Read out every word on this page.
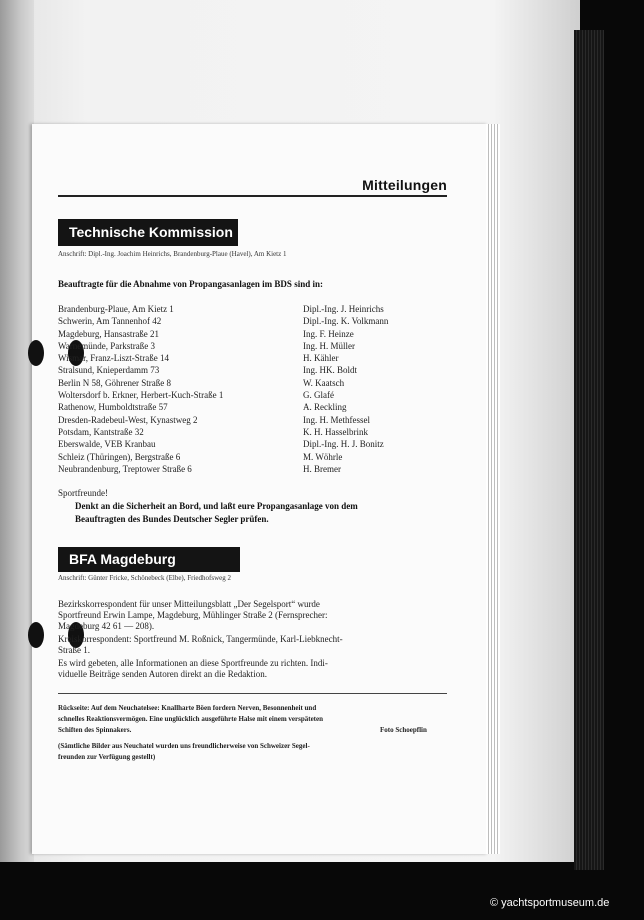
Mitteilungen
Technische Kommission
Anschrift: Dipl.-Ing. Joachim Heinrichs, Brandenburg-Plaue (Havel), Am Kietz 1
Beauftragte für die Abnahme von Propangasanlagen im BDS sind in:
Brandenburg-Plaue, Am Kietz 1
Schwerin, Am Tannenhof 42
Magdeburg, Hansastraße 21
Warnemünde, Parkstraße 3
Wismar, Franz-Liszt-Straße 14
Stralsund, Knieperdamm 73
Berlin N 58, Göhrener Straße 8
Woltersdorf b. Erkner, Herbert-Kuch-Straße 1
Rathenow, Humboldtstraße 57
Dresden-Radebeul-West, Kynastweg 2
Potsdam, Kantstraße 32
Eberswalde, VEB Kranbau
Schleiz (Thüringen), Bergstraße 6
Neubrandenburg, Treptower Straße 6
Dipl.-Ing. J. Heinrichs
Dipl.-Ing. K. Volkmann
Ing. F. Heinze
Ing. H. Müller
H. Kähler
Ing. HK. Boldt
W. Kaatsch
G. Glafé
A. Reckling
Ing. H. Methfessel
K. H. Hasselbrink
Dipl.-Ing. H. J. Bonitz
M. Wöhrle
H. Bremer
Sportfreunde!
Denkt an die Sicherheit an Bord, und laßt eure Propangasanlage von dem
Beauftragten des Bundes Deutscher Segler prüfen.
BFA Magdeburg
Anschrift: Günter Fricke, Schönebeck (Elbe), Friedhofsweg 2
Bezirkskorrespondent für unser Mitteilungsblatt „Der Segelsport“ wurde
Sportfreund Erwin Lampe, Magdeburg, Mühlinger Straße 2 (Fernsprecher:
Magdeburg 42 61 — 208).
Kreiskorrespondent: Sportfreund M. Roßnick, Tangermünde, Karl-Liebknecht-
Straße 1.
Es wird gebeten, alle Informationen an diese Sportfreunde zu richten. Indi-
viduelle Beiträge senden Autoren direkt an die Redaktion.
Rückseite: Auf dem Neuchatelsee: Knallharte Böen fordern Nerven, Besonnenheit und
schnelles Reaktionsvermögen. Eine unglücklich ausgeführte Halse mit einem verspäteten
Schiften des Spinnakers.	Foto Schoepflin
(Sämtliche Bilder aus Neuchatel wurden uns freundlicherweise von Schweizer Segel-
freunden zur Verfügung gestellt)
© yachtsportmuseum.de
